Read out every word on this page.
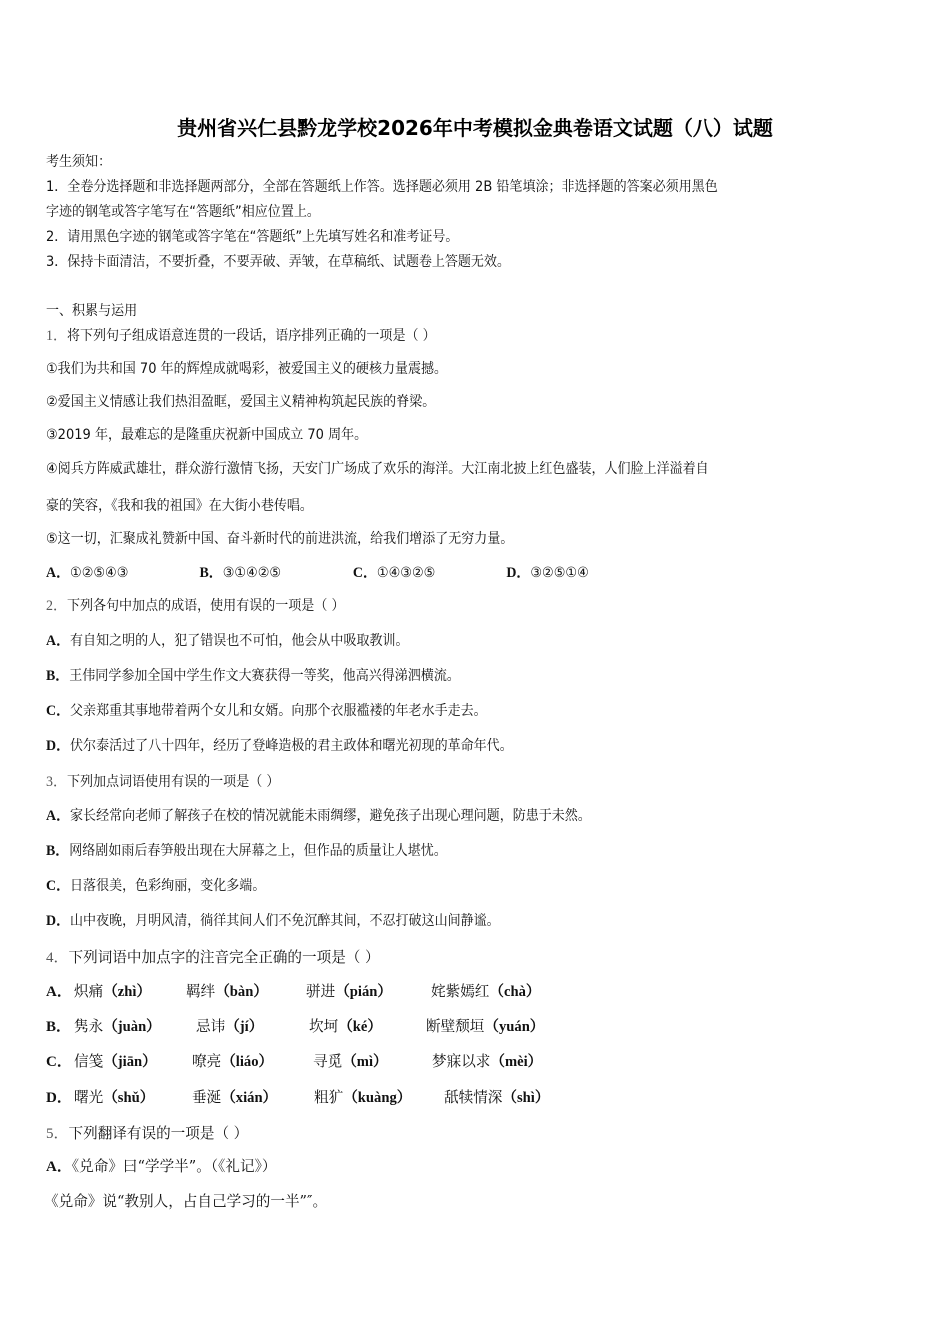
贵州省兴仁县黔龙学校2026年中考模拟金典卷语文试题（八）试题
考生须知：
1．全卷分选择题和非选择题两部分，全部在答题纸上作答。选择题必须用 2B 铅笔填涂；非选择题的答案必须用黑色
字迹的钢笔或答字笔写在“答题纸”相应位置上。
2．请用黑色字迹的钢笔或答字笔在“答题纸”上先填写姓名和准考证号。
3．保持卡面清洁，不要折叠，不要弄破、弄皱，在草稿纸、试题卷上答题无效。
一、积累与运用
1．将下列句子组成语意连贯的一段话，语序排列正确的一项是（ ）
①我们为共和国 70 年的辉煌成就喝彩，被爱国主义的硬核力量震撼。
②爱国主义情感让我们热泪盈眶，爱国主义精神构筑起民族的脊梁。
③2019 年，最难忘的是隆重庆祝新中国成立 70 周年。
④阅兵方阵威武雄壮，群众游行激情飞扬，天安门广场成了欢乐的海洋。大江南北披上红色盛装，人们脸上洋溢着自
豪的笑容，《我和我的祖国》在大街小巷传唱。
⑤这一切，汇聚成礼赞新中国、奋斗新时代的前进洪流，给我们增添了无穷力量。
A．①②⑤④③	B．③①④②⑤	C．①④③②⑤	D．③②⑤①④
2．下列各句中加点的成语，使用有误的一项是（ ）
A．有自知之明的人，犯了错误也不可怕，他会从中吸取教训。
B．王伟同学参加全国中学生作文大赛获得一等奖，他高兴得涕泗横流。
C．父亲郑重其事地带着两个女儿和女婿。向那个衣服褴褛的年老水手走去。
D．伏尔泰活过了八十四年，经历了登峰造极的君主政体和曙光初现的革命年代。
3．下列加点词语使用有误的一项是（ ）
A．家长经常向老师了解孩子在校的情况就能未雨绸缪，避免孩子出现心理问题，防患于未然。
B．网络剧如雨后春笋般出现在大屏幕之上，但作品的质量让人堪忧。
C．日落很美，色彩绚丽，变化多端。
D．山中夜晚，月明风清，徜徉其间人们不免沉醉其间，不忍打破这山间静谧。
4．下列词语中加点字的注音完全正确的一项是（ ）
A． 炽痛（zhì） 羁绊（bàn）	骈进（pián）	姹紫嫣红（chà）
B． 隽永（juàn） 忌讳（jí）	坎坷（ké）	断壁颓垣（yuán）
C． 信笺（jiān） 嘹亮（liáo）	寻觅（mì）	梦寐以求（mèi）
D． 曙光（shǔ）	垂涎（xián）	粗犷（kuàng） 舐犊情深（shì）
5．下列翻译有误的一项是（ ）
A．《兑命》曰“学学半”。（《礼记》）
《兑命》说“教别人，占自己学习的一半”″。
